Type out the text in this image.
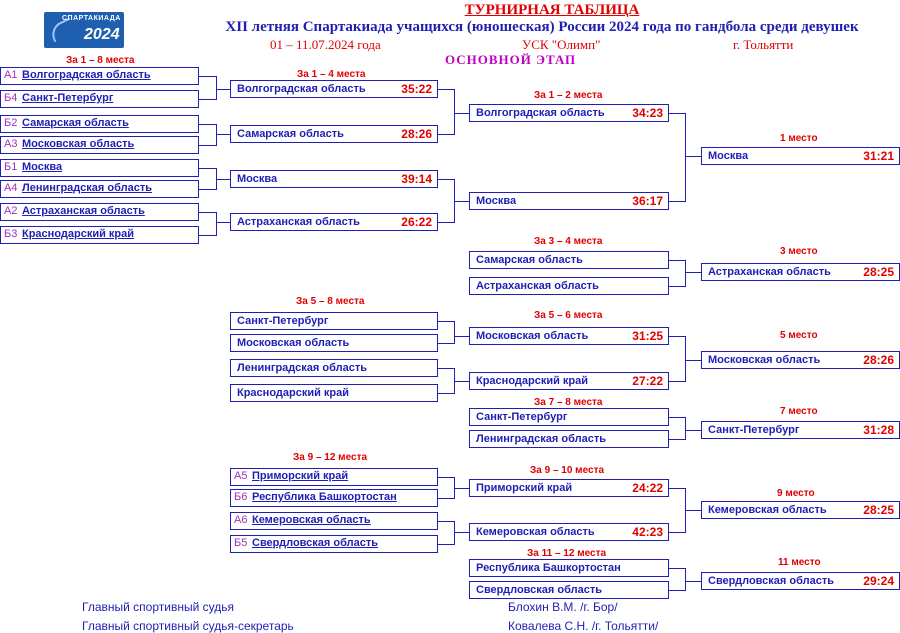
СПАРТАКИАДА
2024
ТУРНИРНАЯ ТАБЛИЦА
XII летняя Спартакиада учащихся (юношеская) России 2024 года по гандбола среди девушек
01 – 11.07.2024 года	УСК "Олимп"	г. Тольятти
ОСНОВНОЙ ЭТАП
За 1 – 8 места
За 1 – 4 места
За 1 – 2 места
1 место
За 3 – 4 места
3 место
За 5 – 8 места
За 5 – 6 места
5 место
За 7 – 8 места
7 место
За 9 – 12 места
За 9 – 10 места
9 место
За 11 – 12 места
11 место
А1 Волгоградская область
Б4 Санкт-Петербург
Б2 Самарская область
А3 Московская область
Б1 Москва
А4 Ленинградская область
А2 Астраханская область
Б3 Краснодарский край
А5 Приморский край
Б6 Республика Башкортостан
А6 Кемеровская область
Б5 Свердловская область
Волгоградская область	35:22
Самарская область	28:26
Москва	39:14
Астраханская область	26:22
Санкт-Петербург
Московская область
Ленинградская область
Краснодарский край
Волгоградская область 34:23
Москва	36:17
Самарская область
Астраханская область
Московская область	31:25
Краснодарский край	27:22
Санкт-Петербург
Ленинградская область
Приморский край	24:22
Кемеровская область	42:23
Республика Башкортостан
Свердловская область
Москва	31:21
Астраханская область	28:25
Московская область	28:26
Санкт-Петербург	31:28
Кемеровская область	28:25
Свердловская область 29:24
Главный спортивный судья	Блохин В.М. /г. Бор/
Главный спортивный судья-секретарь	Ковалева С.Н. /г. Тольятти/
